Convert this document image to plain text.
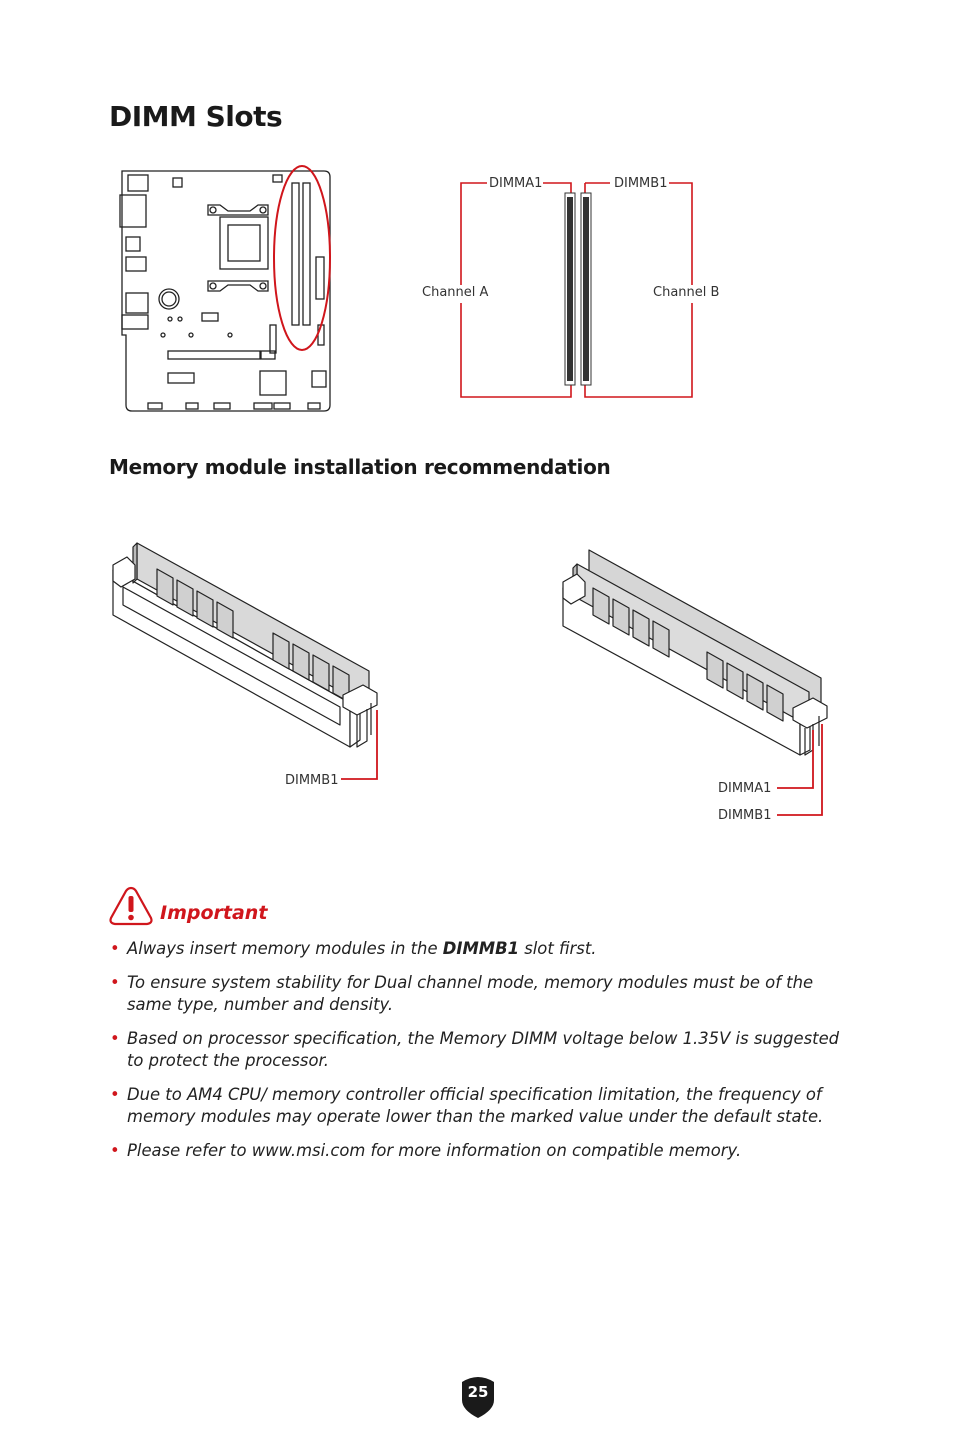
DIMM Slots
DIMMA1	DIMMB1
Channel A	Channel B
Memory module installation recommendation
DIMMB1
DIMMA1
DIMMB1
Important
• Always insert memory modules in the DIMMB1 slot first.
• To ensure system stability for Dual channel mode, memory modules must be of the same type, number and density.
• Based on processor specification, the Memory DIMM voltage below 1.35V is suggested to protect the processor.
• Due to AM4 CPU/ memory controller official specification limitation, the frequency of memory modules may operate lower than the marked value under the default state.
• Please refer to www.msi.com for more information on compatible memory.
25
